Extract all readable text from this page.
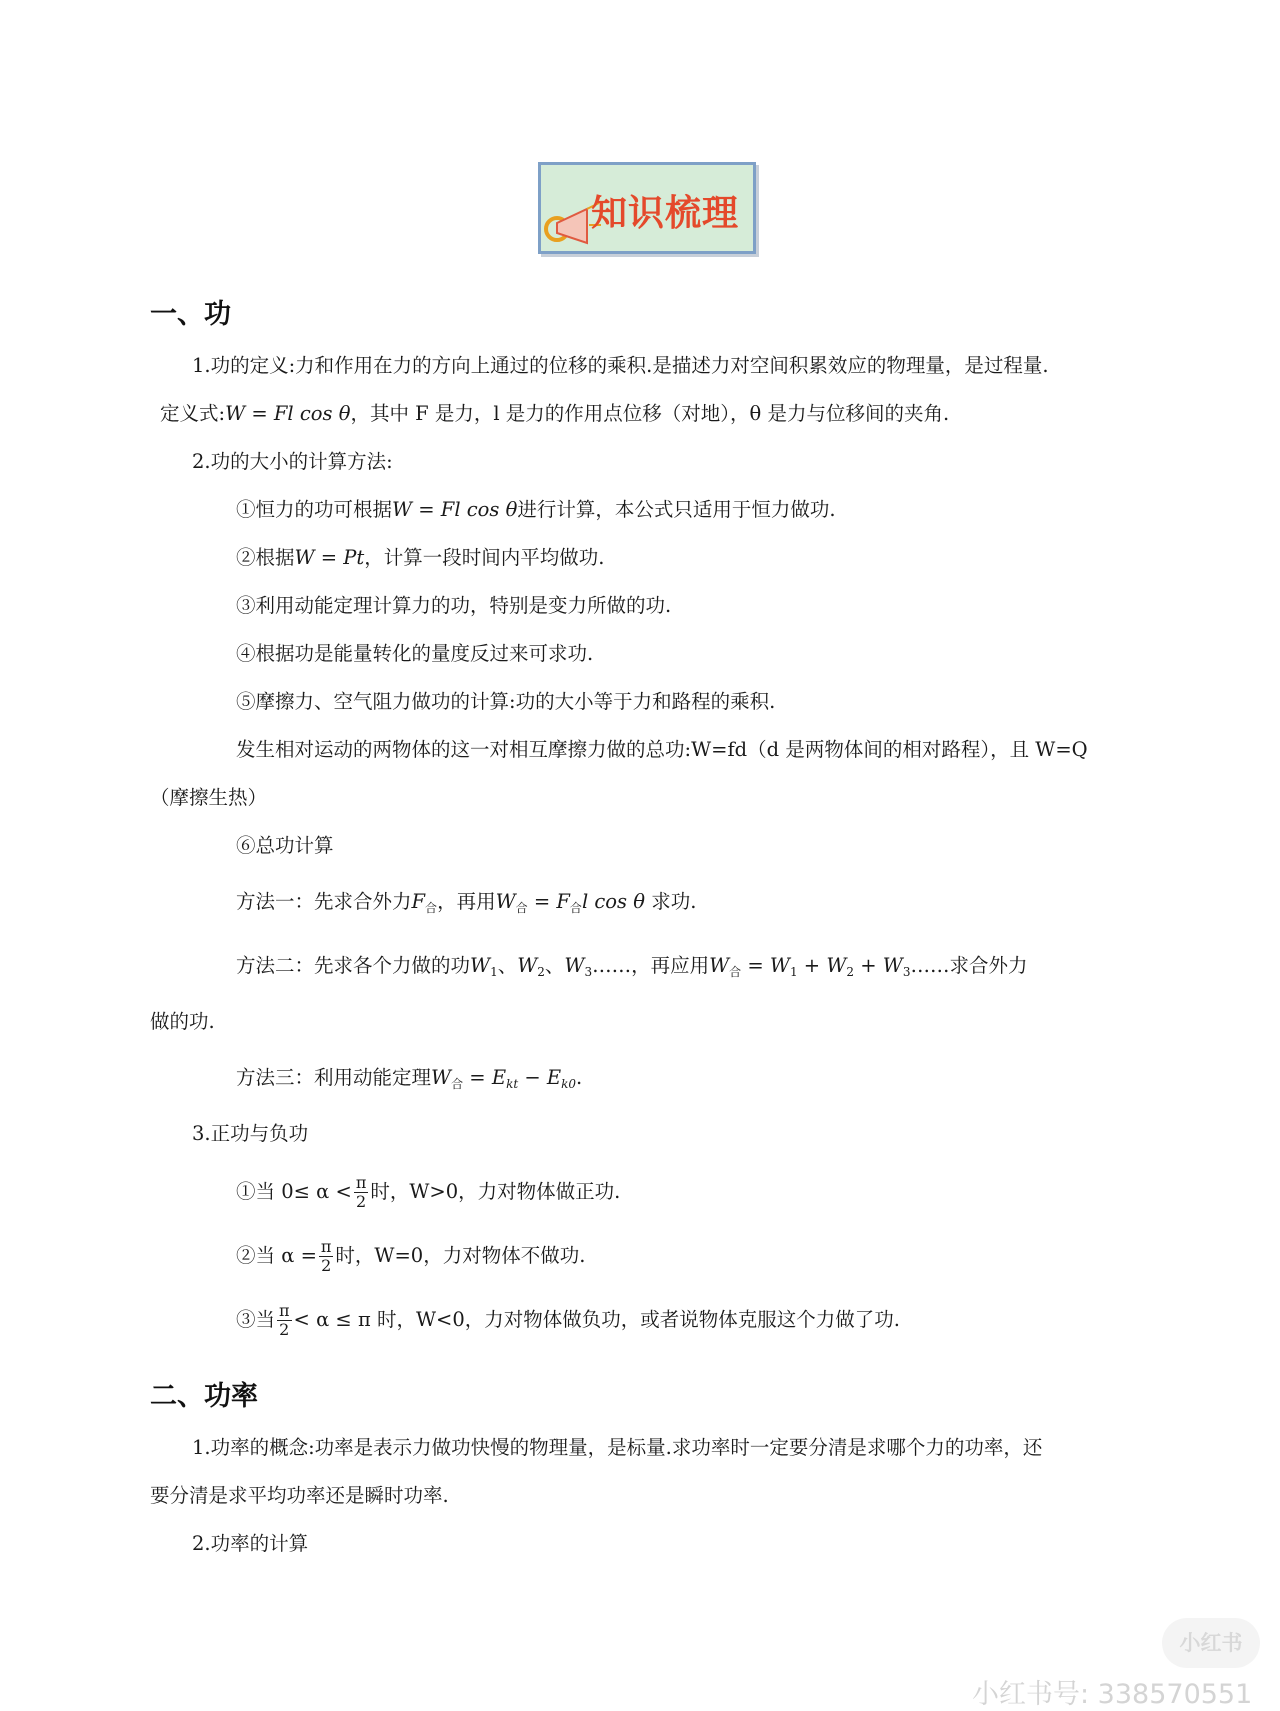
知识梳理
一、功
1.功的定义:力和作用在力的方向上通过的位移的乘积.是描述力对空间积累效应的物理量，是过程量.
定义式:W = Fl cos θ，其中 F 是力，l 是力的作用点位移（对地），θ 是力与位移间的夹角.
2.功的大小的计算方法:
①恒力的功可根据W = Fl cos θ进行计算，本公式只适用于恒力做功.
②根据W = Pt，计算一段时间内平均做功.
③利用动能定理计算力的功，特别是变力所做的功.
④根据功是能量转化的量度反过来可求功.
⑤摩擦力、空气阻力做功的计算:功的大小等于力和路程的乘积.
发生相对运动的两物体的这一对相互摩擦力做的总功:W=fd（d 是两物体间的相对路程），且 W=Q
（摩擦生热）
⑥总功计算
方法一：先求合外力$F_合$，再用$W_合 = F_合l$ cos θ 求功.
方法二：先求各个力做的功$W_1$、$W_2$、$W_3\dots\dots$，再应用$W_合 = W_1 + W_2$ + $W_3\dots\dots$求合外力
做的功.
方法三：利用动能定理$W_合 = E_{kt} - E_{k0}$.
3.正功与负功
①当 $0\le \alpha < \frac{\pi}{2}$ 时，W>0，力对物体做正功.
②当 $\alpha = \frac{\pi}{2}$ 时，W=0，力对物体不做功.
③当 $\frac{\pi}{2} < \alpha \le \pi$ 时，W<0，力对物体做负功，或者说物体克服这个力做了功.
二、功率
1.功率的概念:功率是表示力做功快慢的物理量，是标量.求功率时一定要分清是求哪个力的功率，还
要分清是求平均功率还是瞬时功率.
2.功率的计算
小红书
小红书号: 338570551
